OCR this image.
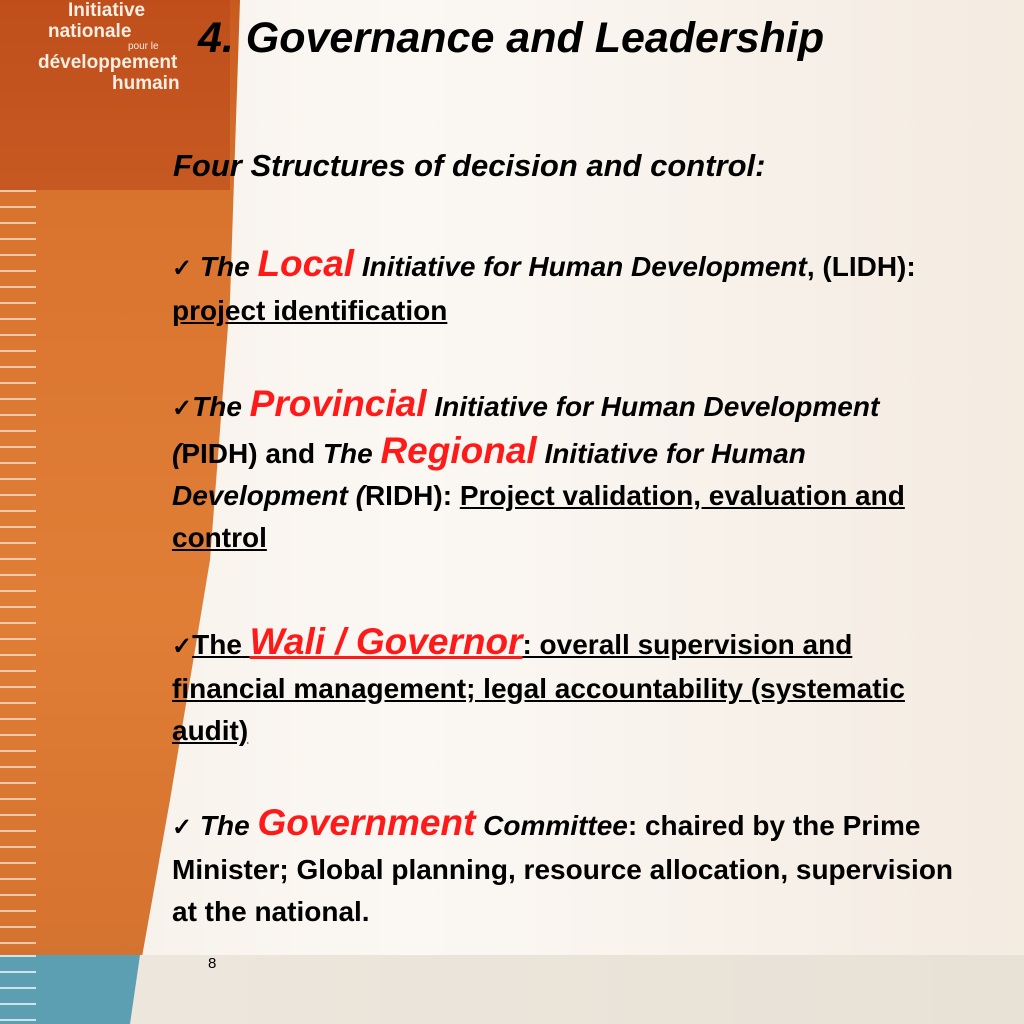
Initiative
nationale
pour le
développement
humain
4. Governance and Leadership

Four Structures of decision and control:

✓ The Local Initiative for Human Development, (LIDH): project identification

✓The Provincial Initiative for Human Development (PIDH) and The Regional Initiative for Human Development (RIDH): Project validation, evaluation and control

✓The Wali / Governor: overall supervision and financial management; legal accountability (systematic audit)

✓ The Government Committee: chaired by the Prime Minister; Global planning, resource allocation, supervision at the national.

8
